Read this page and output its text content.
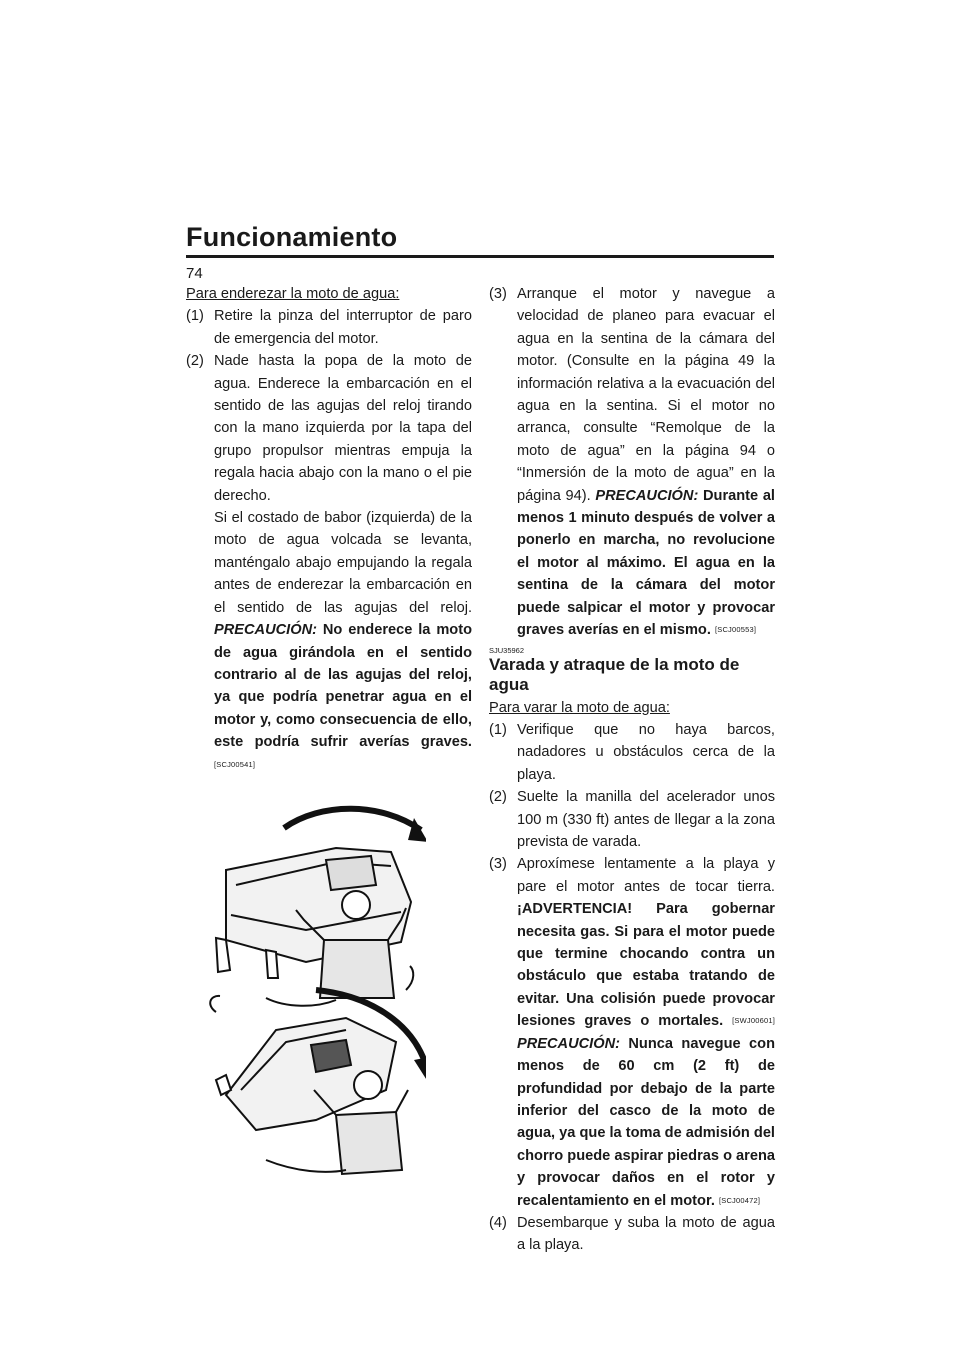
Funcionamiento
74

Para enderezar la moto de agua:

(1) Retire la pinza del interruptor de paro de emergencia del motor.
(2) Nade hasta la popa de la moto de agua. Enderece la embarcación en el sentido de las agujas del reloj tirando con la mano izquierda por la tapa del grupo propulsor mientras empuja la regala hacia abajo con la mano o el pie derecho.

Si el costado de babor (izquierda) de la moto de agua volcada se levanta, manténgalo abajo empujando la regala antes de enderezar la embarcación en el sentido de las agujas del reloj. PRECAUCIÓN: No enderece la moto de agua girándola en el sentido contrario al de las agujas del reloj, ya que podría penetrar agua en el motor y, como consecuencia de ello, este podría sufrir averías graves. [SCJ00541]

(3) Arranque el motor y navegue a velocidad de planeo para evacuar el agua en la sentina de la cámara del motor. (Consulte en la página 49 la información relativa a la evacuación del agua en la sentina. Si el motor no arranca, consulte “Remolque de la moto de agua” en la página 94 o “Inmersión de la moto de agua” en la página 94). PRECAUCIÓN: Durante al menos 1 minuto después de volver a ponerlo en marcha, no revolucione el motor al máximo. El agua en la sentina de la cámara del motor puede salpicar el motor y provocar graves averías en el mismo. [SCJ00553]
SJU35962
Varada y atraque de la moto de agua

Para varar la moto de agua:

(1) Verifique que no haya barcos, nadadores u obstáculos cerca de la playa.
(2) Suelte la manilla del acelerador unos 100 m (330 ft) antes de llegar a la zona prevista de varada.
(3) Aproxímese lentamente a la playa y pare el motor antes de tocar tierra. ¡ADVERTENCIA! Para gobernar necesita gas. Si para el motor puede que termine chocando contra un obstáculo que estaba tratando de evitar. Una colisión puede provocar lesiones graves o mortales. [SWJ00601] PRECAUCIÓN: Nunca navegue con menos de 60 cm (2 ft) de profundidad por debajo de la parte inferior del casco de la moto de agua, ya que la toma de admisión del chorro puede aspirar piedras o arena y provocar daños en el rotor y recalentamiento en el motor. [SCJ00472]
(4) Desembarque y suba la moto de agua a la playa.
